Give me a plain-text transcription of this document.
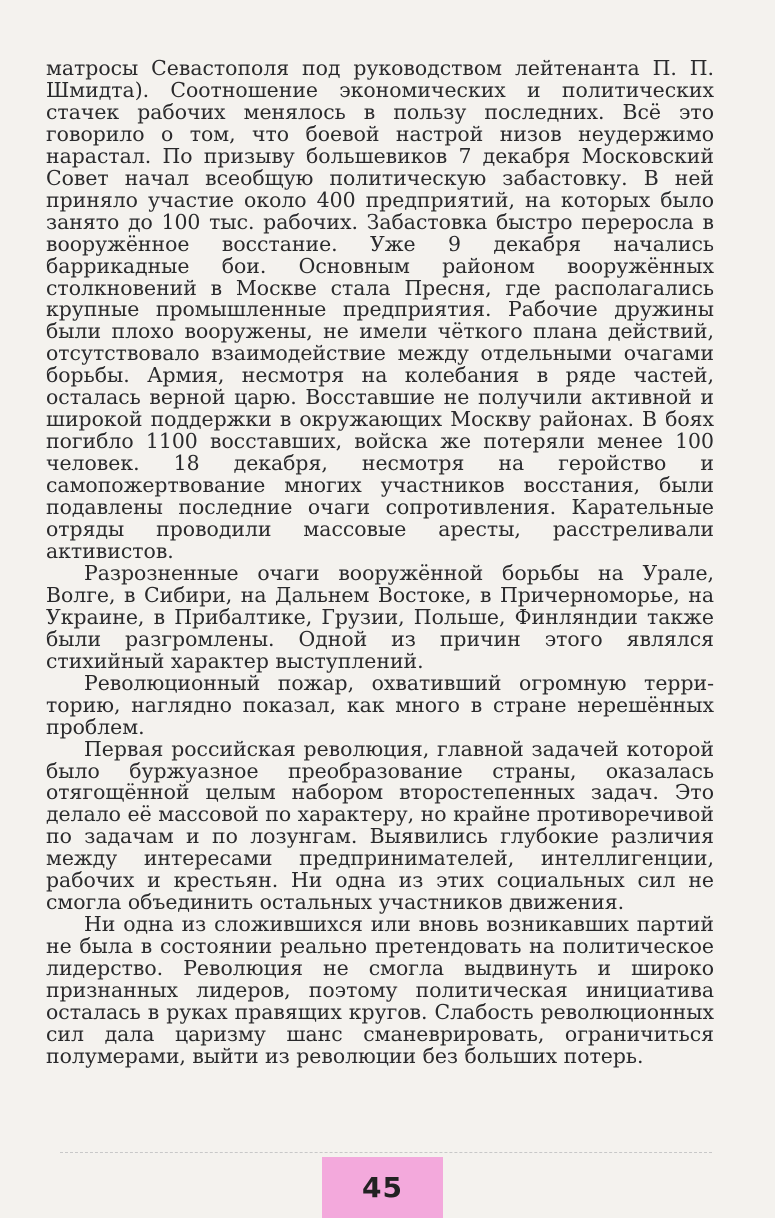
матросы Севастополя под руководством лейтенанта П. П. Шмидта). Соотношение экономических и политических стачек рабочих менялось в пользу последних. Всё это говорило о том, что боевой настрой низов неудержимо нарастал. По призыву большевиков 7 декабря Московский Совет начал всеобщую политическую забастовку. В ней приняло участие около 400 предприятий, на которых было занято до 100 тыс. рабочих. Забастовка быстро переросла в вооружённое восстание. Уже 9 декабря начались баррикадные бои. Основным районом вооружённых столкновений в Москве стала Пресня, где располагались крупные промышленные предприятия. Рабочие дружины были плохо вооружены, не имели чёткого плана действий, отсутствовало взаимодействие между отдельными очагами борьбы. Армия, несмотря на колебания в ряде частей, осталась верной царю. Восставшие не получили активной и широкой поддержки в окружающих Москву районах. В боях погибло 1100 восставших, войска же потеряли менее 100 человек. 18 декабря, несмотря на геройство и самопожертвование многих участников восстания, были подавлены последние очаги сопротивления. Карательные отряды проводили массовые аресты, расстреливали активистов.

Разрозненные очаги вооружённой борьбы на Урале, Волге, в Сибири, на Дальнем Востоке, в Причерноморье, на Украине, в Прибалтике, Грузии, Польше, Финляндии также были разгромлены. Одной из причин этого являлся стихийный характер выступлений.

Революционный пожар, охвативший огромную территорию, наглядно показал, как много в стране нерешённых проблем.

Первая российская революция, главной задачей которой было буржуазное преобразование страны, оказалась отягощённой целым набором второстепенных задач. Это делало её массовой по характеру, но крайне противоречивой по задачам и по лозунгам. Выявились глубокие различия между интересами предпринимателей, интеллигенции, рабочих и крестьян. Ни одна из этих социальных сил не смогла объединить остальных участников движения.

Ни одна из сложившихся или вновь возникавших партий не была в состоянии реально претендовать на политическое лидерство. Революция не смогла выдвинуть и широко признанных лидеров, поэтому политическая инициатива осталась в руках правящих кругов. Слабость революционных сил дала царизму шанс сманеврировать, ограничиться полумерами, выйти из революции без больших потерь.

45
